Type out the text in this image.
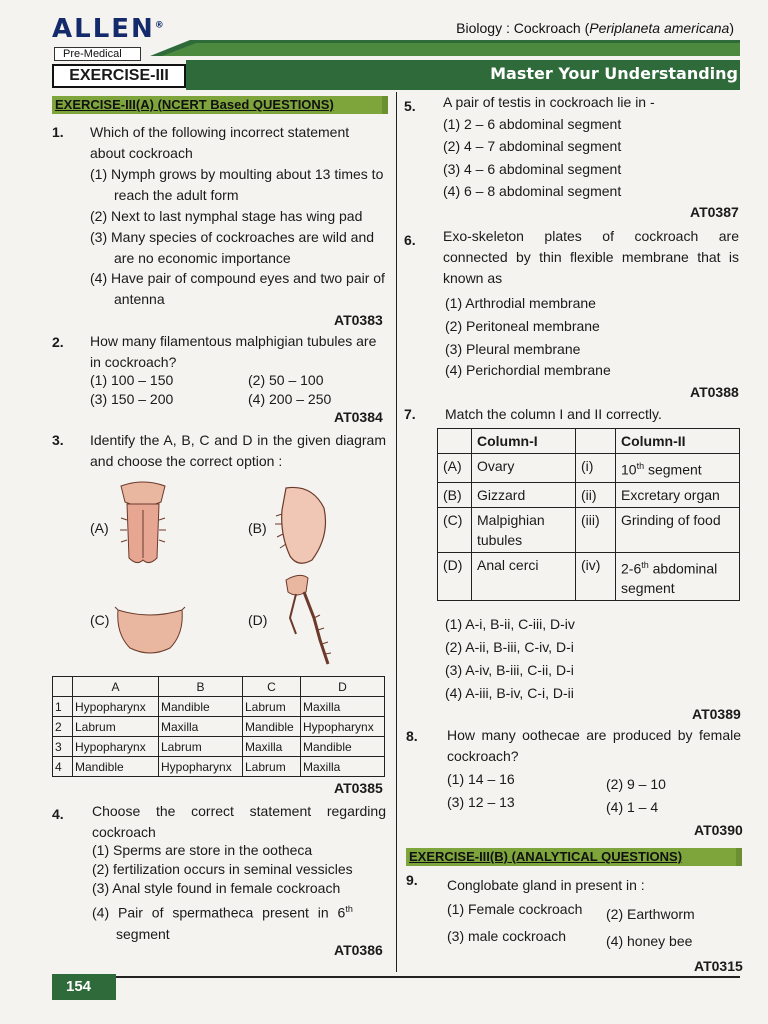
ALLEN®
Pre-Medical
Biology : Cockroach (Periplaneta americana)
EXERCISE-III	Master Your Understanding
EXERCISE-III(A) (NCERT Based QUESTIONS)
1. Which of the following incorrect statement about cockroach
(1) Nymph grows by moulting about 13 times to reach the adult form
(2) Next to last nymphal stage has wing pad
(3) Many species of cockroaches are wild and are no economic importance
(4) Have pair of compound eyes and two pair of antenna
AT0383
2. How many filamentous malphigian tubules are in cockroach?
(1) 100 – 150	(2) 50 – 100
(3) 150 – 200	(4) 200 – 250
AT0384
3. Identify the A, B, C and D in the given diagram and choose the correct option :
(A)	(B)
(C)	(D)
	A	B	C	D
1	Hypopharynx	Mandible	Labrum	Maxilla
2	Labrum	Maxilla	Mandible	Hypopharynx
3	Hypopharynx	Labrum	Maxilla	Mandible
4	Mandible	Hypopharynx	Labrum	Maxilla
AT0385
4. Choose the correct statement regarding cockroach
(1) Sperms are store in the ootheca
(2) fertilization occurs in seminal vessicles
(3) Anal style found in female cockroach
(4) Pair of spermatheca present in 6th
segment
AT0386
5. A pair of testis in cockroach lie in -
(1) 2 – 6 abdominal segment
(2) 4 – 7 abdominal segment
(3) 4 – 6 abdominal segment
(4) 6 – 8 abdominal segment
AT0387
6. Exo-skeleton plates of cockroach are connected by thin flexible membrane that is known as
(1) Arthrodial membrane
(2) Peritoneal membrane
(3) Pleural membrane
(4) Perichordial membrane
AT0388
7. Match the column I and II correctly.
	Column-I		Column-II
(A)	Ovary	(i)	10th segment
(B)	Gizzard	(ii)	Excretary organ
(C)	Malpighian tubules	(iii)	Grinding of food
(D)	Anal cerci	(iv)	2-6th abdominal segment
(1) A-i, B-ii, C-iii, D-iv
(2) A-ii, B-iii, C-iv, D-i
(3) A-iv, B-iii, C-ii, D-i
(4) A-iii, B-iv, C-i, D-ii
AT0389
8. How many oothecae are produced by female cockroach?
(1) 14 – 16	(2) 9 – 10
(3) 12 – 13	(4) 1 – 4
AT0390
EXERCISE-III(B) (ANALYTICAL QUESTIONS)
9. Conglobate gland in present in :
(1) Female cockroach (2) Earthworm
(3) male cockroach	(4) honey bee
AT0315
154
